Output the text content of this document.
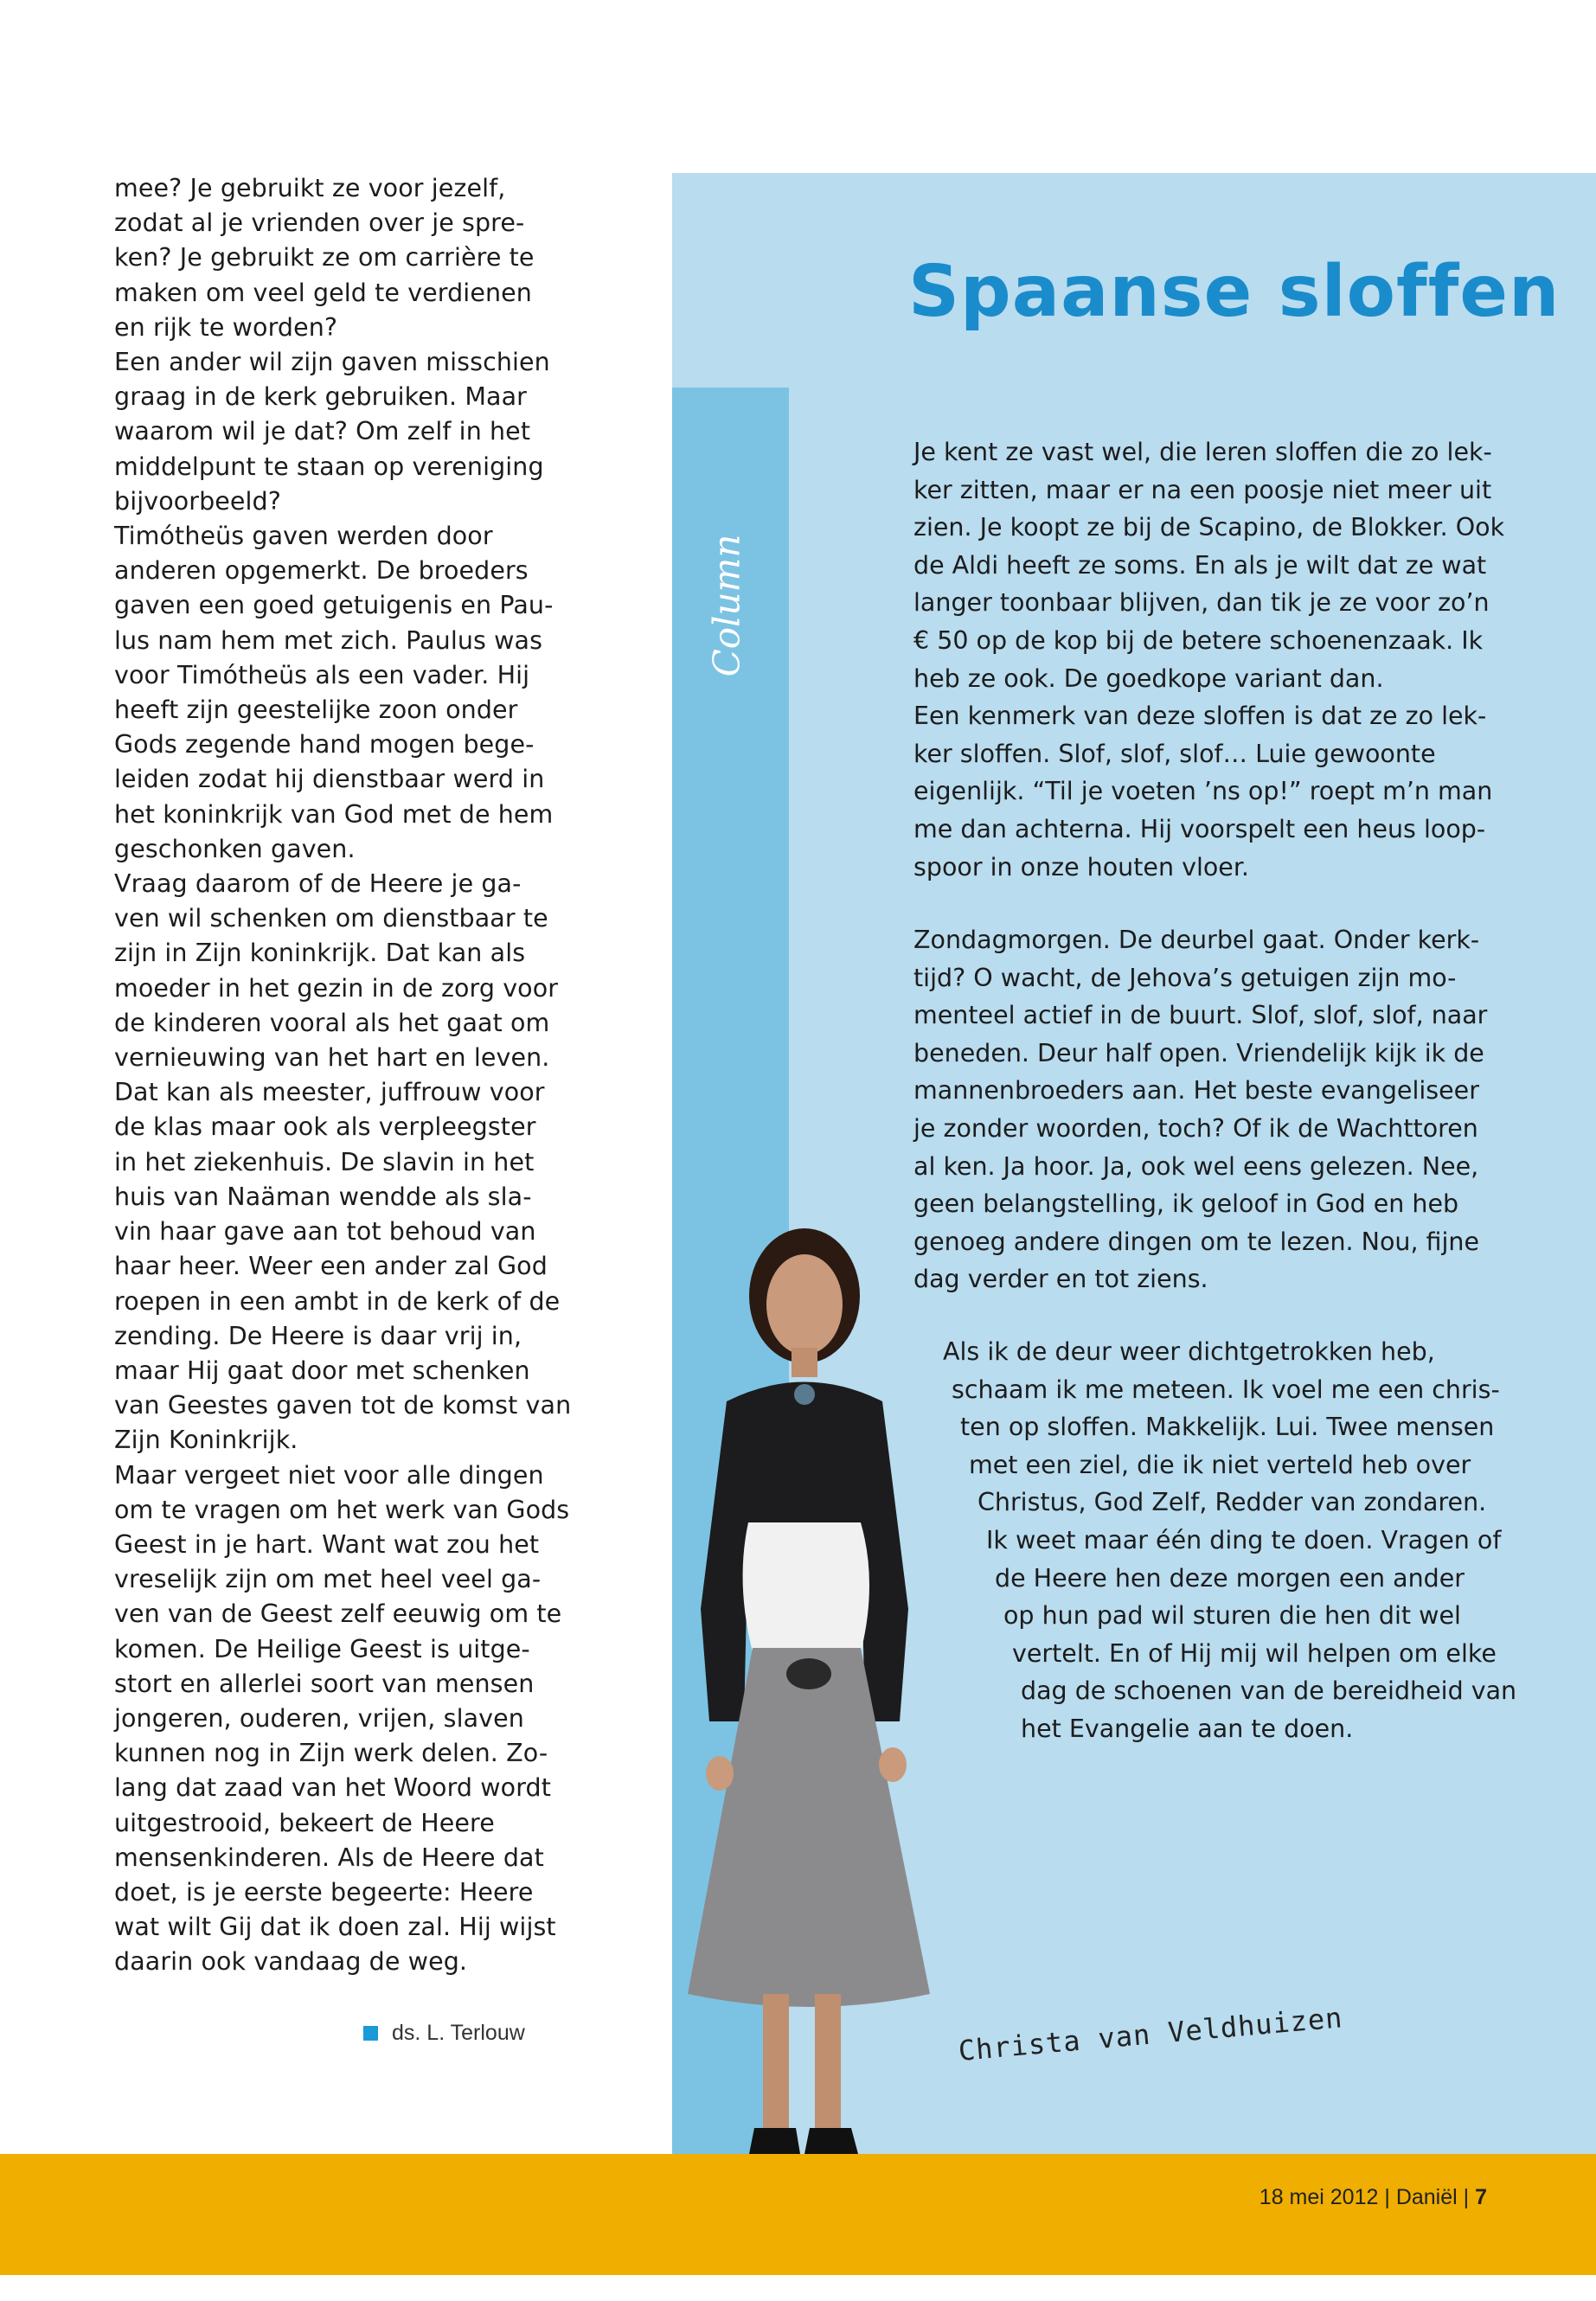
mee? Je gebruikt ze voor jezelf,

zodat al je vrienden over je spre-

ken? Je gebruikt ze om carrière te

maken om veel geld te verdienen

en rijk te worden?

Een ander wil zijn gaven misschien

graag in de kerk gebruiken. Maar

waarom wil je dat? Om zelf in het

middelpunt te staan op vereniging

bijvoorbeeld?

Timótheüs gaven werden door

anderen opgemerkt. De broeders

gaven een goed getuigenis en Pau-

lus nam hem met zich. Paulus was

voor Timótheüs als een vader. Hij

heeft zijn geestelijke zoon onder

Gods zegende hand mogen bege-

leiden zodat hij dienstbaar werd in

het koninkrijk van God met de hem

geschonken gaven.

Vraag daarom of de Heere je ga-

ven wil schenken om dienstbaar te

zijn in Zijn koninkrijk. Dat kan als

moeder in het gezin in de zorg voor

de kinderen vooral als het gaat om

vernieuwing van het hart en leven.

Dat kan als meester, juffrouw voor

de klas maar ook als verpleegster

in het ziekenhuis. De slavin in het

huis van Naäman wendde als sla-

vin haar gave aan tot behoud van

haar heer. Weer een ander zal God

roepen in een ambt in de kerk of de

zending. De Heere is daar vrij in,

maar Hij gaat door met schenken

van Geestes gaven tot de komst van

Zijn Koninkrijk.

Maar vergeet niet voor alle dingen

om te vragen om het werk van Gods

Geest in je hart. Want wat zou het

vreselijk zijn om met heel veel ga-

ven van de Geest zelf eeuwig om te

komen. De Heilige Geest is uitge-

stort en allerlei soort van mensen

jongeren, ouderen, vrijen, slaven

kunnen nog in Zijn werk delen. Zo-

lang dat zaad van het Woord wordt

uitgestrooid, bekeert de Heere

mensenkinderen. Als de Heere dat

doet, is je eerste begeerte: Heere

wat wilt Gij dat ik doen zal. Hij wijst

daarin ook vandaag de weg.

ds. L. Terlouw
Column
Spaanse sloffen

Je kent ze vast wel, die leren sloffen die zo lek-

ker zitten, maar er na een poosje niet meer uit

zien. Je koopt ze bij de Scapino, de Blokker. Ook

de Aldi heeft ze soms. En als je wilt dat ze wat

langer toonbaar blijven, dan tik je ze voor zo’n

€ 50 op de kop bij de betere schoenenzaak. Ik

heb ze ook. De goedkope variant dan.

Een kenmerk van deze sloffen is dat ze zo lek-

ker sloffen. Slof, slof, slof… Luie gewoonte

eigenlijk. “Til je voeten ’ns op!” roept m’n man

me dan achterna. Hij voorspelt een heus loop-

spoor in onze houten vloer.

Zondagmorgen. De deurbel gaat. Onder kerk-

tijd? O wacht, de Jehova’s getuigen zijn mo-

menteel actief in de buurt. Slof, slof, slof, naar

beneden. Deur half open. Vriendelijk kijk ik de

mannenbroeders aan. Het beste evangeliseer

je zonder woorden, toch? Of ik de Wachttoren

al ken. Ja hoor. Ja, ook wel eens gelezen. Nee,

geen belangstelling, ik geloof in God en heb

genoeg andere dingen om te lezen. Nou, fijne

dag verder en tot ziens.

Als ik de deur weer dichtgetrokken heb,

schaam ik me meteen. Ik voel me een chris-

ten op sloffen. Makkelijk. Lui. Twee mensen

met een ziel, die ik niet verteld heb over

Christus, God Zelf, Redder van zondaren.

Ik weet maar één ding te doen. Vragen of

de Heere hen deze morgen een ander

op hun pad wil sturen die hen dit wel

vertelt. En of Hij mij wil helpen om elke

dag de schoenen van de bereidheid van

het Evangelie aan te doen.

Christa van Veldhuizen
18 mei 2012 | Daniël | 7
